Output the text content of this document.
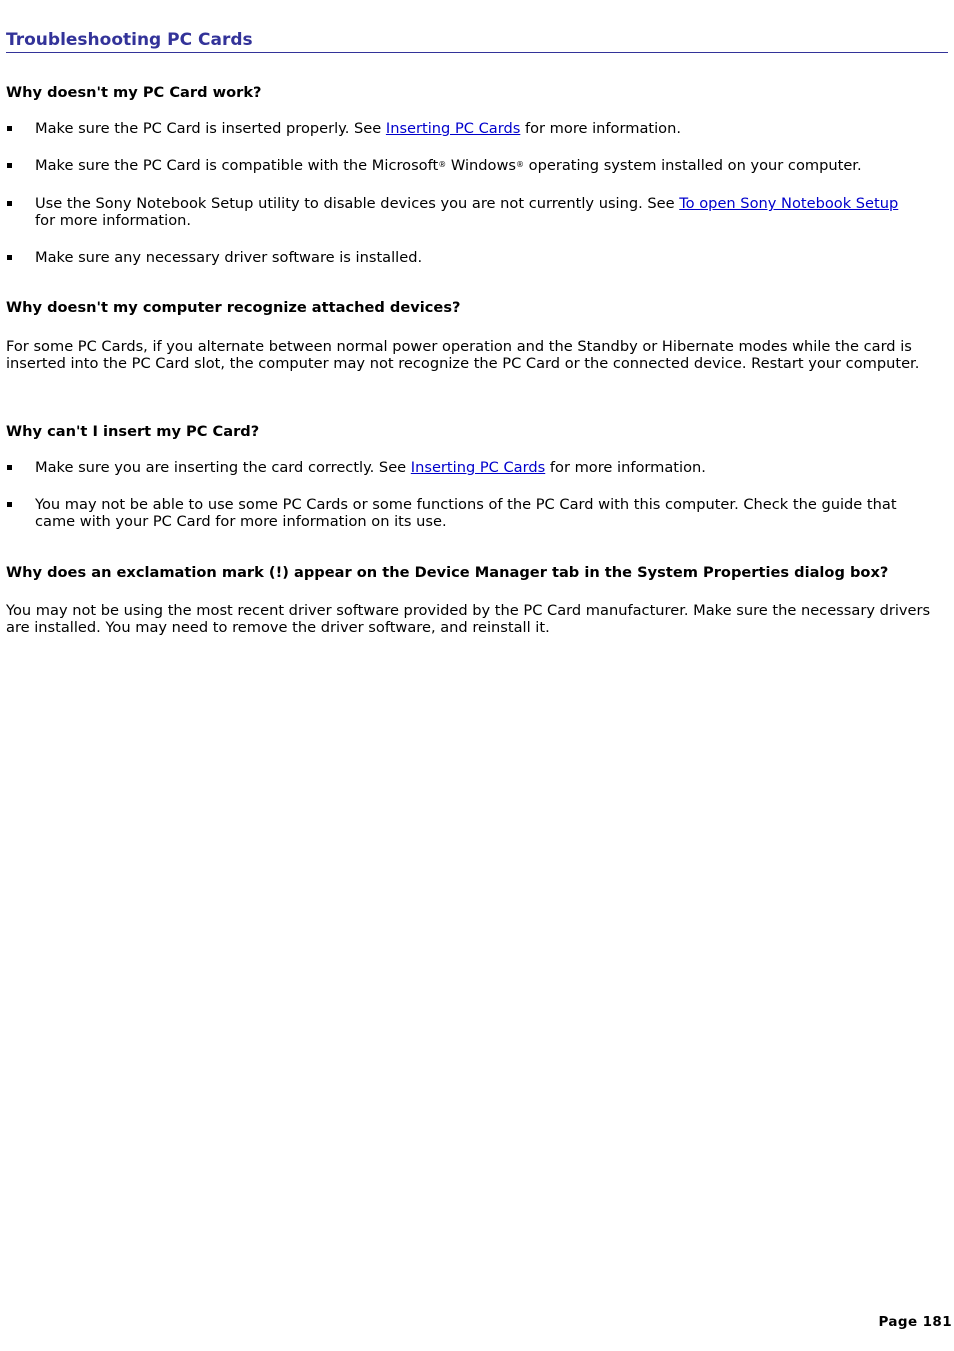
Troubleshooting PC Cards
Why doesn't my PC Card work?
Make sure the PC Card is inserted properly. See Inserting PC Cards for more information.
Make sure the PC Card is compatible with the Microsoft® Windows® operating system installed on your computer.
Use the Sony Notebook Setup utility to disable devices you are not currently using. See To open Sony Notebook Setup for more information.
Make sure any necessary driver software is installed.
Why doesn't my computer recognize attached devices?

For some PC Cards, if you alternate between normal power operation and the Standby or Hibernate modes while the card is inserted into the PC Card slot, the computer may not recognize the PC Card or the connected device. Restart your computer.

Why can't I insert my PC Card?
Make sure you are inserting the card correctly. See Inserting PC Cards for more information.
You may not be able to use some PC Cards or some functions of the PC Card with this computer. Check the guide that came with your PC Card for more information on its use.
Why does an exclamation mark (!) appear on the Device Manager tab in the System Properties dialog box?

You may not be using the most recent driver software provided by the PC Card manufacturer. Make sure the necessary drivers are installed. You may need to remove the driver software, and reinstall it.

Page 181
